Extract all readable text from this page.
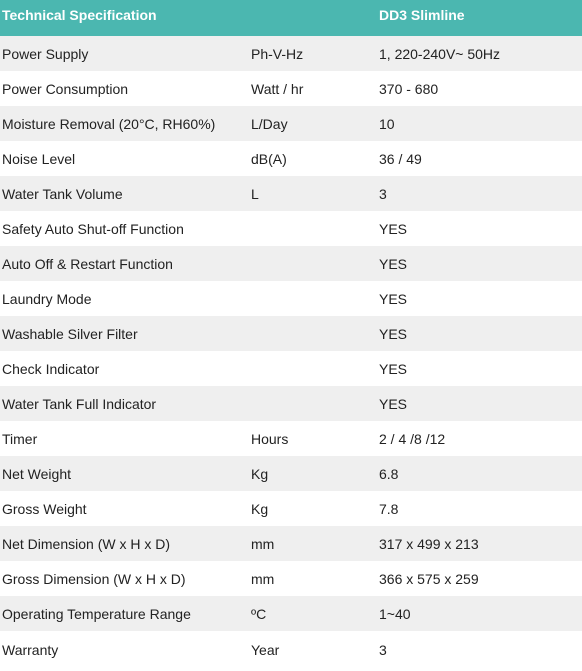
Technical Specification		DD3 Slimline
Power Supply	Ph-V-Hz	1, 220-240V~ 50Hz
Power Consumption	Watt / hr	370 - 680
Moisture Removal (20°C, RH60%)	L/Day	10
Noise Level	dB(A)	36 / 49
Water Tank Volume	L	3
Safety Auto Shut-off Function		YES
Auto Off & Restart Function		YES
Laundry Mode		YES
Washable Silver Filter		YES
Check Indicator		YES
Water Tank Full Indicator		YES
Timer	Hours	2 / 4 /8 /12
Net Weight	Kg	6.8
Gross Weight	Kg	7.8
Net Dimension (W x H x D)	mm	317 x 499 x 213
Gross Dimension (W x H x D)	mm	366 x 575 x 259
Operating Temperature Range	ºC	1~40
Warranty	Year	3
